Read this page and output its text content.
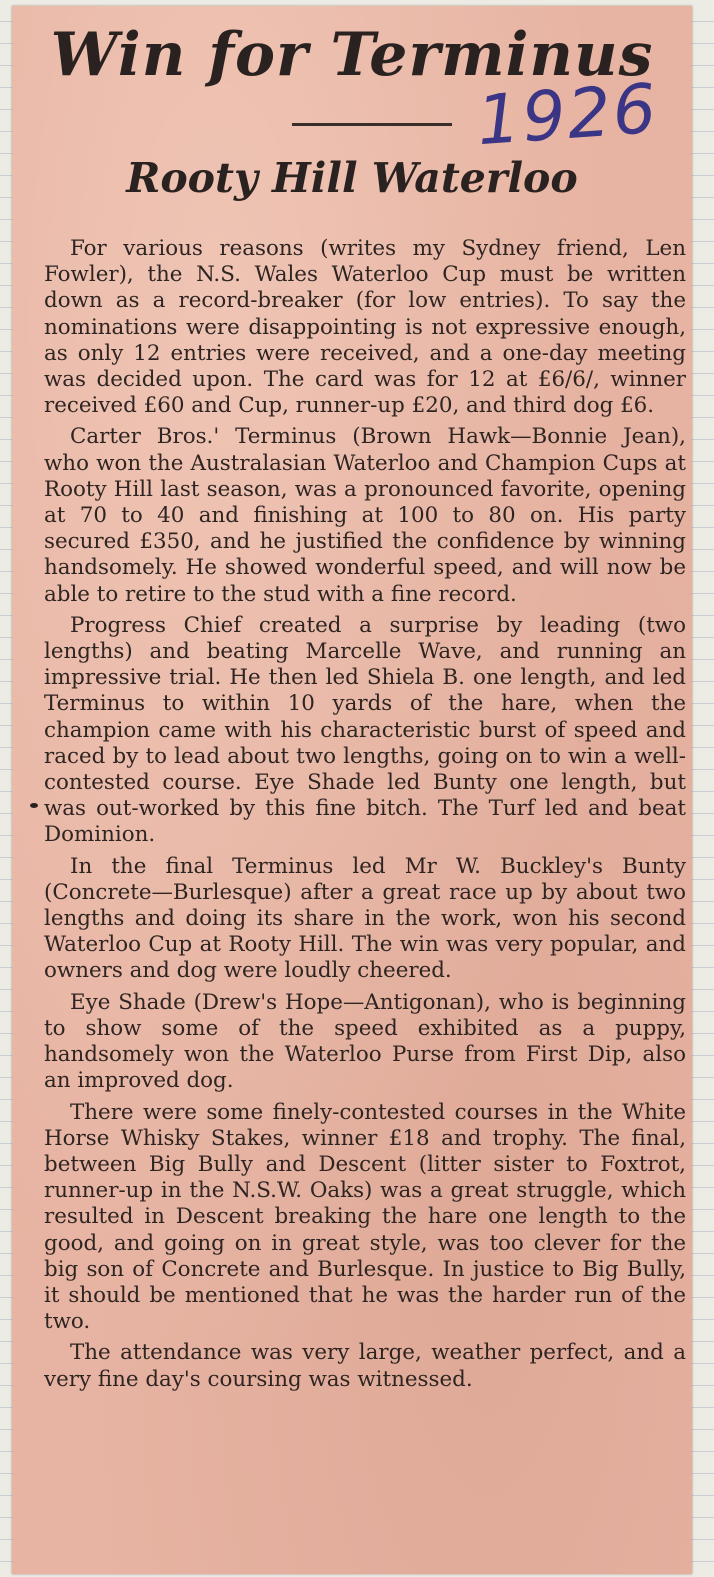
Win for Terminus
1926
Rooty Hill Waterloo

For various reasons (writes my Sydney friend, Len Fowler), the N.S. Wales Waterloo Cup must be written down as a record-breaker (for low entries). To say the nominations were disappointing is not expressive enough, as only 12 entries were received, and a one-day meeting was decided upon. The card was for 12 at £6/6/, winner received £60 and Cup, runner-up £20, and third dog £6.

Carter Bros.' Terminus (Brown Hawk—Bonnie Jean), who won the Australasian Waterloo and Champion Cups at Rooty Hill last season, was a pronounced favorite, opening at 70 to 40 and finishing at 100 to 80 on. His party secured £350, and he justified the confidence by winning handsomely. He showed wonderful speed, and will now be able to retire to the stud with a fine record.

Progress Chief created a surprise by leading (two lengths) and beating Marcelle Wave, and running an impressive trial. He then led Shiela B. one length, and led Terminus to within 10 yards of the hare, when the champion came with his characteristic burst of speed and raced by to lead about two lengths, going on to win a well-contested course. Eye Shade led Bunty one length, but was out-worked by this fine bitch. The Turf led and beat Dominion.

In the final Terminus led Mr W. Buckley's Bunty (Concrete—Burlesque) after a great race up by about two lengths and doing its share in the work, won his second Waterloo Cup at Rooty Hill. The win was very popular, and owners and dog were loudly cheered.

Eye Shade (Drew's Hope—Antigonan), who is beginning to show some of the speed exhibited as a puppy, handsomely won the Waterloo Purse from First Dip, also an improved dog.

There were some finely-contested courses in the White Horse Whisky Stakes, winner £18 and trophy. The final, between Big Bully and Descent (litter sister to Foxtrot, runner-up in the N.S.W. Oaks) was a great struggle, which resulted in Descent breaking the hare one length to the good, and going on in great style, was too clever for the big son of Concrete and Burlesque. In justice to Big Bully, it should be mentioned that he was the harder run of the two.

The attendance was very large, weather perfect, and a very fine day's coursing was witnessed.
